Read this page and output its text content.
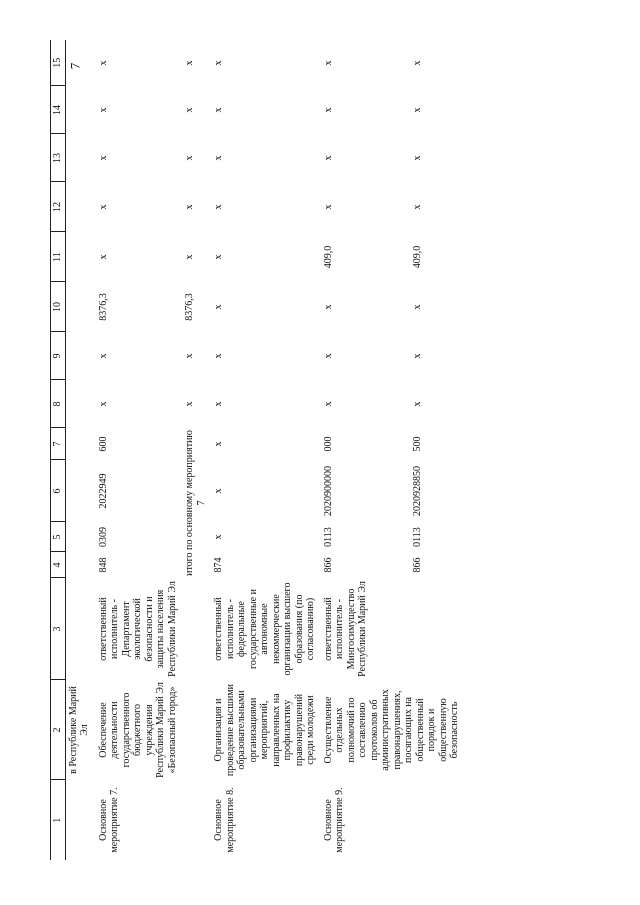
7
1	2	3	4	5	6	7	8	9	10	11	12	13	14	15
	в Республике Марий Эл													
Основное мероприятие 7.	Обеспечение деятельности государственного бюджетного учреждения Республики Марий Эл «Безопасный город»	ответственный исполнитель - Департамент экологической безопасности и защиты населения Республики Марий Эл	848	0309	2022949	600	х	х	8376,3	х	х	х	х	х
			итого по основному мероприятию 7				х	х	8376,3	х	х	х	х	х
Основное мероприятие 8.	Организация и проведение высшими образовательными организациями мероприятий, направленных на профилактику правонарушений среди молодежи	ответственный исполнитель - федеральные государственные и автономные некоммерческие организации высшего образования (по согласованию)	874	х	х	х	х	х	х	х	х	х	х	х
Основное мероприятие 9.	Осуществление отдельных полномочий по составлению протоколов об административных правонарушениях, посягающих на общественный порядок и общественную безопасность	ответственный исполнитель - Мингосимущество Республики Марий Эл	866	0113	2020900000	000	х	х	х	409,0	х	х	х	х
			866	0113	2020928850	500	х	х	х	409,0	х	х	х	х
